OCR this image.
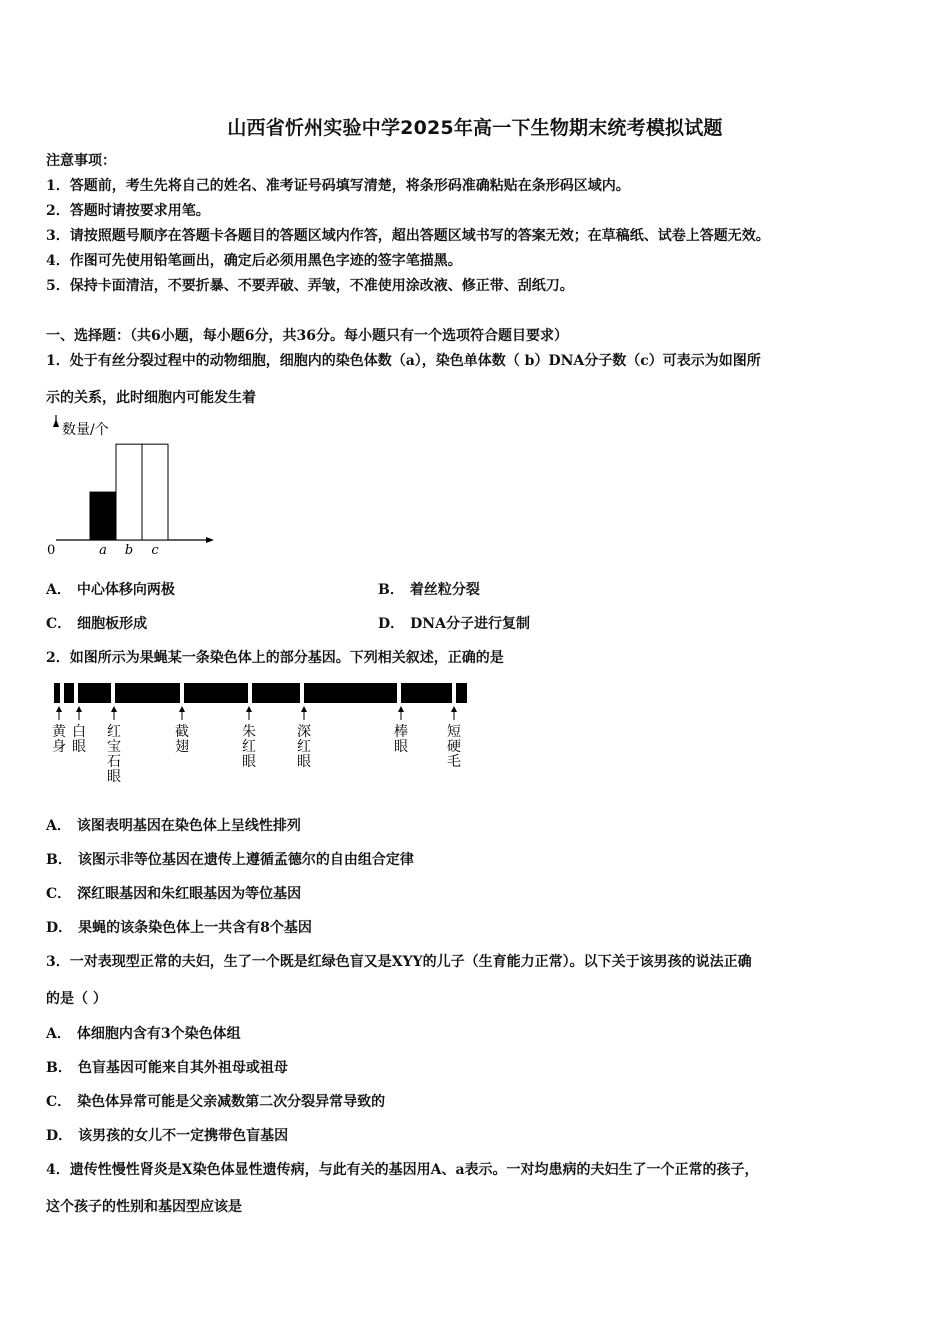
山西省忻州实验中学2025年高一下生物期末统考模拟试题
注意事项：
1．答题前，考生先将自己的姓名、准考证号码填写清楚，将条形码准确粘贴在条形码区域内。
2．答题时请按要求用笔。
3．请按照题号顺序在答题卡各题目的答题区域内作答，超出答题区域书写的答案无效；在草稿纸、试卷上答题无效。
4．作图可先使用铅笔画出，确定后必须用黑色字迹的签字笔描黑。
5．保持卡面清洁，不要折暴、不要弄破、弄皱，不准使用涂改液、修正带、刮纸刀。
一、选择题：（共6小题，每小题6分，共36分。每小题只有一个选项符合题目要求）
1．处于有丝分裂过程中的动物细胞，细胞内的染色体数（a），染色单体数（ b）DNA分子数（c）可表示为如图所
示的关系，此时细胞内可能发生着
数量/个
0	a b c
A． 中心体移向两极	B． 着丝粒分裂
C． 细胞板形成	D． DNA分子进行复制
2．如图所示为果蝇某一条染色体上的部分基因。下列相关叙述，正确的是
黄
身
白
眼
红
宝
石
眼
截
翅
朱
红
眼
深
红
眼
棒
眼
短
硬
毛
A． 该图表明基因在染色体上呈线性排列
B． 该图示非等位基因在遗传上遵循孟德尔的自由组合定律
C． 深红眼基因和朱红眼基因为等位基因
D． 果蝇的该条染色体上一共含有8个基因
3．一对表现型正常的夫妇，生了一个既是红绿色盲又是XYY的儿子（生育能力正常）。以下关于该男孩的说法正确
的是（ ）
A． 体细胞内含有3个染色体组
B． 色盲基因可能来自其外祖母或祖母
C． 染色体异常可能是父亲减数第二次分裂异常导致的
D． 该男孩的女儿不一定携带色盲基因
4．遗传性慢性肾炎是X染色体显性遗传病，与此有关的基因用A、a表示。一对均患病的夫妇生了一个正常的孩子，
这个孩子的性别和基因型应该是
